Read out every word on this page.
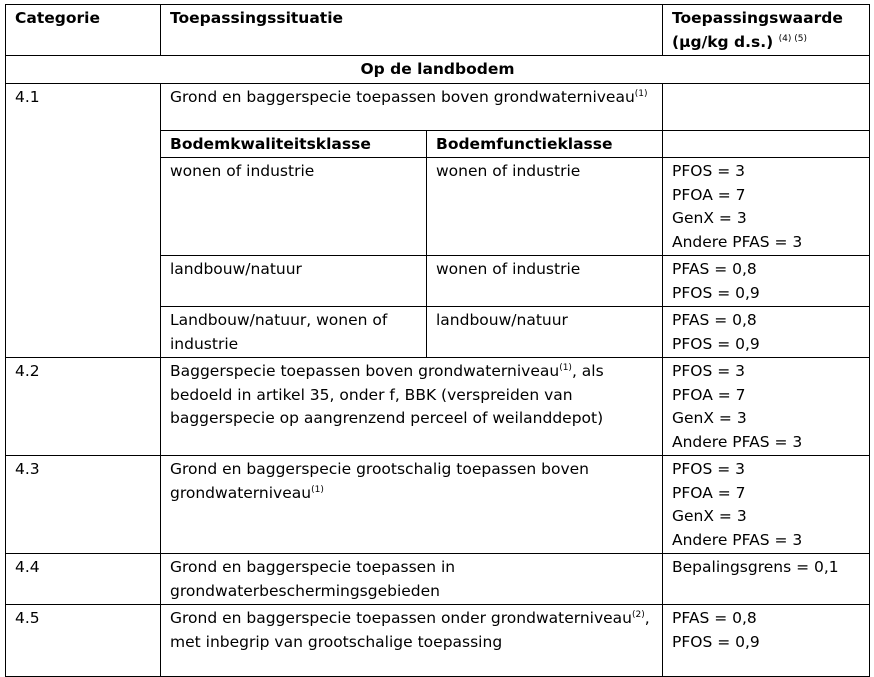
Categorie	Toepassingssituatie		Toepassingswaarde (µg/kg d.s.) $^{(4) (5)}$
Op de landbodem			
4.1	Grond en baggerspecie toepassen boven grondwaterniveau$^{(1)}$	
	Bodemkwaliteitsklasse	Bodemfunctieklasse	
	wonen of industrie	wonen of industrie	PFOS = 3
PFOA = 7
GenX = 3
Andere PFAS = 3

	landbouw/natuur	wonen of industrie	PFAS = 0,8
PFOS = 0,9

	Landbouw/natuur, wonen of industrie	landbouw/natuur	PFAS = 0,8
PFOS = 0,9

4.2	Baggerspecie toepassen boven grondwaterniveau$^{(1)}$, als bedoeld in artikel 35, onder f, BBK (verspreiden van baggerspecie op aangrenzend perceel of weilanddepot)		PFOS = 3
PFOA = 7
GenX = 3
Andere PFAS = 3

4.3	Grond en baggerspecie grootschalig toepassen boven grondwaterniveau$^{(1)}$		PFOS = 3
PFOA = 7
GenX = 3
Andere PFAS = 3

4.4	Grond en baggerspecie toepassen in grondwaterbeschermingsgebieden		Bepalingsgrens = 0,1

4.5	Grond en baggerspecie toepassen onder grondwaterniveau$^{(2)}$, met inbegrip van grootschalige toepassing		PFAS = 0,8
PFOS = 0,9
